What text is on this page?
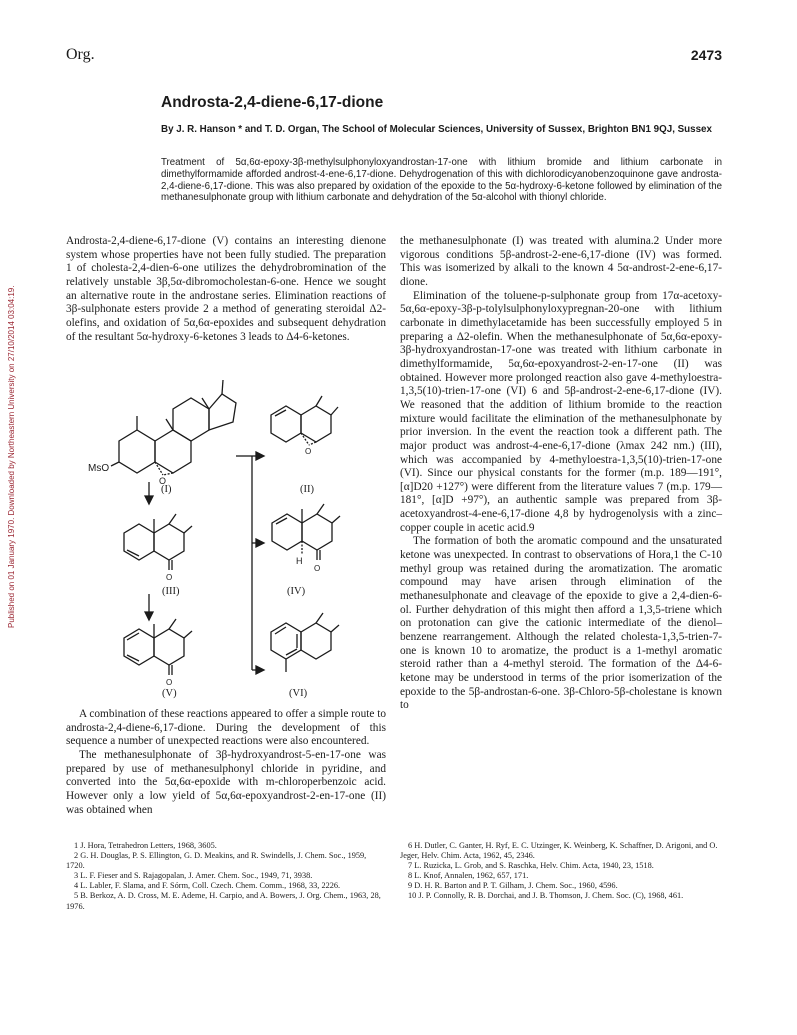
Published on 01 January 1970. Downloaded by Northeastern University on 27/10/2014 03:04:19.
Org.	2473
Androsta-2,4-diene-6,17-dione
By J. R. Hanson * and T. D. Organ, The School of Molecular Sciences, University of Sussex, Brighton BN1 9QJ, Sussex
Treatment of 5α,6α-epoxy-3β-methylsulphonyloxyandrostan-17-one with lithium bromide and lithium carbonate in dimethylformamide afforded androst-4-ene-6,17-dione. Dehydrogenation of this with dichlorodicyanobenzoquinone gave androsta-2,4-diene-6,17-dione. This was also prepared by oxidation of the epoxide to the 5α-hydroxy-6-ketone followed by elimination of the methanesulphonate group with lithium carbonate and dehydration of the 5α-alcohol with thionyl chloride.

Androsta-2,4-diene-6,17-dione (V) contains an interesting dienone system whose properties have not been fully studied. The preparation 1 of cholesta-2,4-dien-6-one utilizes the dehydrobromination of the relatively unstable 3β,5α-dibromocholestan-6-one. Hence we sought an alternative route in the androstane series. Elimination reactions of 3β-sulphonate esters provide 2 a method of generating steroidal Δ2-olefins, and oxidation of 5α,6α-epoxides and subsequent dehydration of the resultant 5α-hydroxy-6-ketones 3 leads to Δ4-6-ketones.

MsO
O
O
O
H
O
O
(I)	(II)
(III)	(IV)
(V)	(VI)

A combination of these reactions appeared to offer a simple route to androsta-2,4-diene-6,17-dione. During the development of this sequence a number of unexpected reactions were also encountered.

The methanesulphonate of 3β-hydroxyandrost-5-en-17-one was prepared by use of methanesulphonyl chloride in pyridine, and converted into the 5α,6α-epoxide with m-chloroperbenzoic acid. However only a low yield of 5α,6α-epoxyandrost-2-en-17-one (II) was obtained when

the methanesulphonate (I) was treated with alumina.2 Under more vigorous conditions 5β-androst-2-ene-6,17-dione (IV) was formed. This was isomerized by alkali to the known 4 5α-androst-2-ene-6,17-dione.

Elimination of the toluene-p-sulphonate group from 17α-acetoxy-5α,6α-epoxy-3β-p-tolylsulphonyloxypregnan-20-one with lithium carbonate in dimethylacetamide has been successfully employed 5 in preparing a Δ2-olefin. When the methanesulphonate of 5α,6α-epoxy-3β-hydroxyandrostan-17-one was treated with lithium carbonate in dimethylformamide, 5α,6α-epoxyandrost-2-en-17-one (II) was obtained. However more prolonged reaction also gave 4-methyloestra-1,3,5(10)-trien-17-one (VI) 6 and 5β-androst-2-ene-6,17-dione (IV). We reasoned that the addition of lithium bromide to the reaction mixture would facilitate the elimination of the methanesulphonate by prior inversion. In the event the reaction took a different path. The major product was androst-4-ene-6,17-dione (λmax 242 nm.) (III), which was accompanied by 4-methyloestra-1,3,5(10)-trien-17-one (VI). Since our physical constants for the former (m.p. 189—191°, [α]D20 +127°) were different from the literature values 7 (m.p. 179—181°, [α]D +97°), an authentic sample was prepared from 3β-acetoxyandrost-4-ene-6,17-dione 4,8 by hydrogenolysis with a zinc–copper couple in acetic acid.9

The formation of both the aromatic compound and the unsaturated ketone was unexpected. In contrast to observations of Hora,1 the C-10 methyl group was retained during the aromatization. The aromatic compound may have arisen through elimination of the methanesulphonate and cleavage of the epoxide to give a 2,4-dien-6-ol. Further dehydration of this might then afford a 1,3,5-triene which on protonation can give the cationic intermediate of the dienol–benzene rearrangement. Although the related cholesta-1,3,5-trien-7-one is known 10 to aromatize, the product is a 1-methyl aromatic steroid rather than a 4-methyl steroid. The formation of the Δ4-6-ketone may be understood in terms of the prior isomerization of the epoxide to the 5β-androstan-6-one. 3β-Chloro-5β-cholestane is known to

1 J. Hora, Tetrahedron Letters, 1968, 3605.

2 G. H. Douglas, P. S. Ellington, G. D. Meakins, and R. Swindells, J. Chem. Soc., 1959, 1720.

3 L. F. Fieser and S. Rajagopalan, J. Amer. Chem. Soc., 1949, 71, 3938.

4 L. Labler, F. Slama, and F. Sórm, Coll. Czech. Chem. Comm., 1968, 33, 2226.

5 B. Berkoz, A. D. Cross, M. E. Ademe, H. Carpio, and A. Bowers, J. Org. Chem., 1963, 28, 1976.

6 H. Dutler, C. Ganter, H. Ryf, E. C. Utzinger, K. Weinberg, K. Schaffner, D. Arigoni, and O. Jeger, Helv. Chim. Acta, 1962, 45, 2346.

7 L. Ruzicka, L. Grob, and S. Raschka, Helv. Chim. Acta, 1940, 23, 1518.

8 L. Knof, Annalen, 1962, 657, 171.

9 D. H. R. Barton and P. T. Gilham, J. Chem. Soc., 1960, 4596.

10 J. P. Connolly, R. B. Dorchai, and J. B. Thomson, J. Chem. Soc. (C), 1968, 461.
